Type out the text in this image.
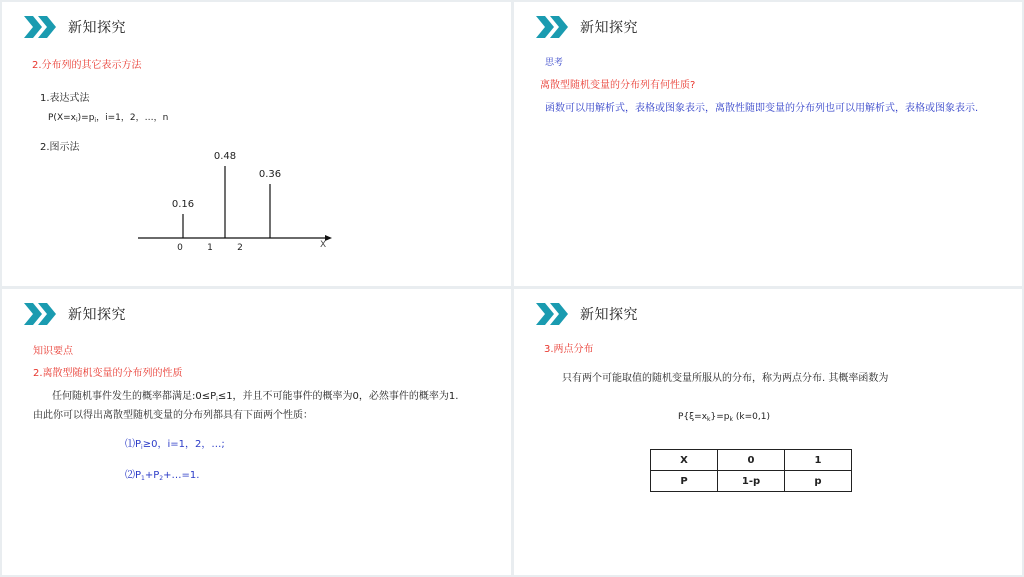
新知探究
2.分布列的其它表示方法
1.表达式法
$P(X=x_i)=p_i$，i=1，2，…，n
2.图示法
X
0.16
0.48
0.36
0	1	2
新知探究
思考
离散型随机变量的分布列有何性质?
函数可以用解析式，表格或图象表示，离散性随即变量的分布列也可以用解析式，表格或图象表示.
新知探究
知识要点
2.离散型随机变量的分布列的性质
任何随机事件发生的概率都满足$:0\le P_i\le 1$，并且不可能事件的概率为0，必然事件的概率为1.
由此你可以得出离散型随机变量的分布列都具有下面两个性质：
$⑴P_i\ge 0$，i=1，2，…;
$⑵P_1+P_2+\dots=1$.
新知探究
3.两点分布
只有两个可能取值的随机变量所服从的分布，称为两点分布. 其概率函数为
$P\{\xi=x_k\}=p_k$ (k=0,1)
X	0	1
P	1-p	p
